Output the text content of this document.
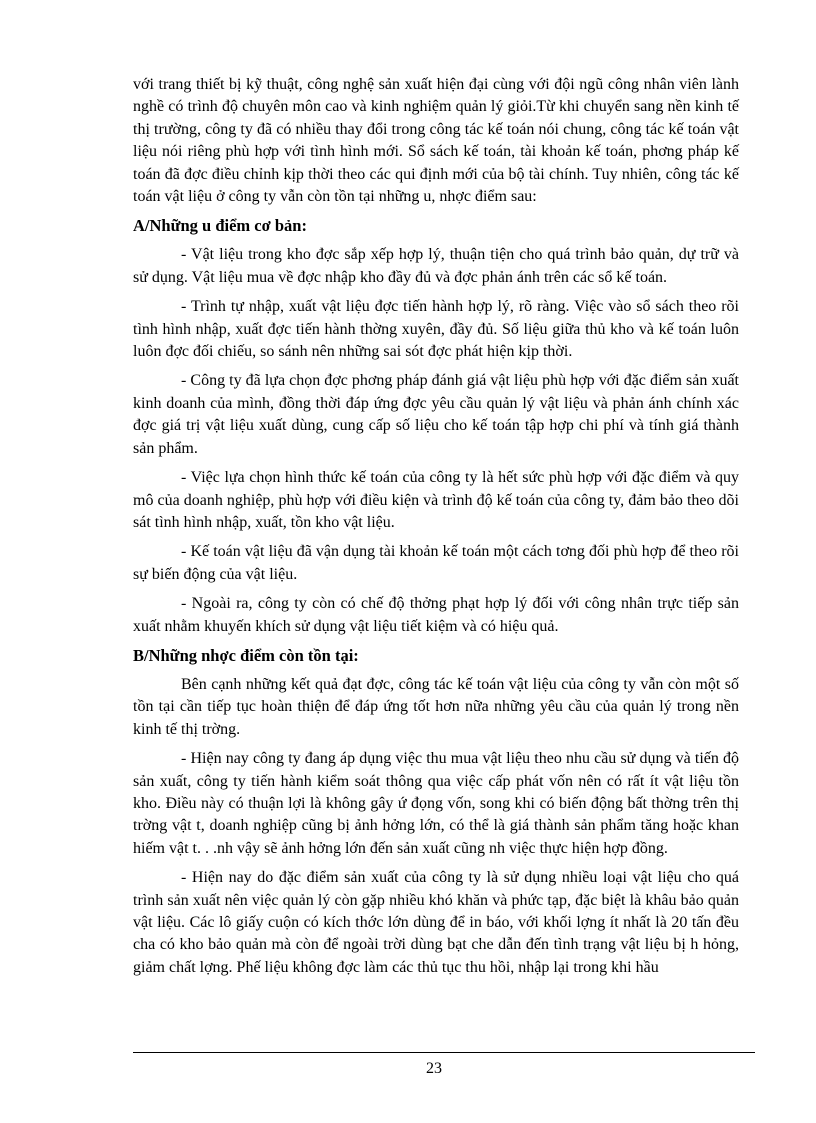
với trang thiết bị kỹ thuật, công nghệ sản xuất hiện đại cùng với đội ngũ công nhân viên lành nghề có trình độ chuyên môn cao và kinh nghiệm quản lý giỏi.Từ khi chuyển sang nền kinh tế thị trường, công ty đã có nhiều thay đổi trong công tác kế toán nói chung, công tác kế toán vật liệu nói riêng phù hợp với tình hình mới. Sổ sách kế toán, tài khoản kế toán, phơng pháp kế toán đã đợc điều chỉnh kịp thời theo các qui định mới của bộ tài chính. Tuy nhiên, công tác kế toán vật liệu ở công ty vẫn còn tồn tại những u, nhợc điểm sau:

A/Những u điểm cơ bản:

- Vật liệu trong kho đợc sắp xếp hợp lý, thuận tiện cho quá trình bảo quản, dự trữ và sử dụng. Vật liệu mua về đợc nhập kho đầy đủ và đợc phản ánh trên các sổ kế toán.

- Trình tự nhập, xuất vật liệu đợc tiến hành hợp lý, rõ ràng. Việc vào sổ sách theo rõi tình hình nhập, xuất đợc tiến hành thờng xuyên, đầy đủ. Số liệu giữa thủ kho và kế toán luôn luôn đợc đối chiếu, so sánh nên những sai sót đợc phát hiện kịp thời.

- Công ty đã lựa chọn đợc phơng pháp đánh giá vật liệu phù hợp với đặc điểm sản xuất kinh doanh của mình, đồng thời đáp ứng đợc yêu cầu quản lý vật liệu và phản ánh chính xác đợc giá trị vật liệu xuất dùng, cung cấp số liệu cho kế toán tập hợp chi phí và tính giá thành sản phẩm.

- Việc lựa chọn hình thức kế toán của công ty là hết sức phù hợp với đặc điểm và quy mô của doanh nghiệp, phù hợp với điều kiện và trình độ kế toán của công ty, đảm bảo theo dõi sát tình hình nhập, xuất, tồn kho vật liệu.

- Kế toán vật liệu đã vận dụng tài khoản kế toán một cách tơng đối phù hợp để theo rõi sự biến động của vật liệu.

- Ngoài ra, công ty còn có chế độ thởng phạt hợp lý đối với công nhân trực tiếp sản xuất nhằm khuyến khích sử dụng vật liệu tiết kiệm và có hiệu quả.

B/Những nhợc điểm còn tồn tại:

Bên cạnh những kết quả đạt đợc, công tác kế toán vật liệu của công ty vẫn còn một số tồn tại cần tiếp tục hoàn thiện để đáp ứng tốt hơn nữa những yêu cầu của quản lý trong nền kinh tế thị trờng.

- Hiện nay công ty đang áp dụng việc thu mua vật liệu theo nhu cầu sử dụng và tiến độ sản xuất, công ty tiến hành kiểm soát thông qua việc cấp phát vốn nên có rất ít vật liệu tồn kho. Điều này có thuận lợi là không gây ứ đọng vốn, song khi có biến động bất thờng trên thị trờng vật t, doanh nghiệp cũng bị ảnh hởng lớn, có thể là giá thành sản phẩm tăng hoặc khan hiếm vật t. . .nh vậy sẽ ảnh hởng lớn đến sản xuất cũng nh việc thực hiện hợp đồng.

- Hiện nay do đặc điểm sản xuất của công ty là sử dụng nhiều loại vật liệu cho quá trình sản xuất nên việc quản lý còn gặp nhiều khó khăn và phức tạp, đặc biệt là khâu bảo quản vật liệu. Các lô giấy cuộn có kích thớc lớn dùng để in báo, với khối lợng ít nhất là 20 tấn đều cha có kho bảo quản mà còn để ngoài trời dùng bạt che dẫn đến tình trạng vật liệu bị h hỏng, giảm chất lợng. Phế liệu không đợc làm các thủ tục thu hồi, nhập lại trong khi hầu

23
